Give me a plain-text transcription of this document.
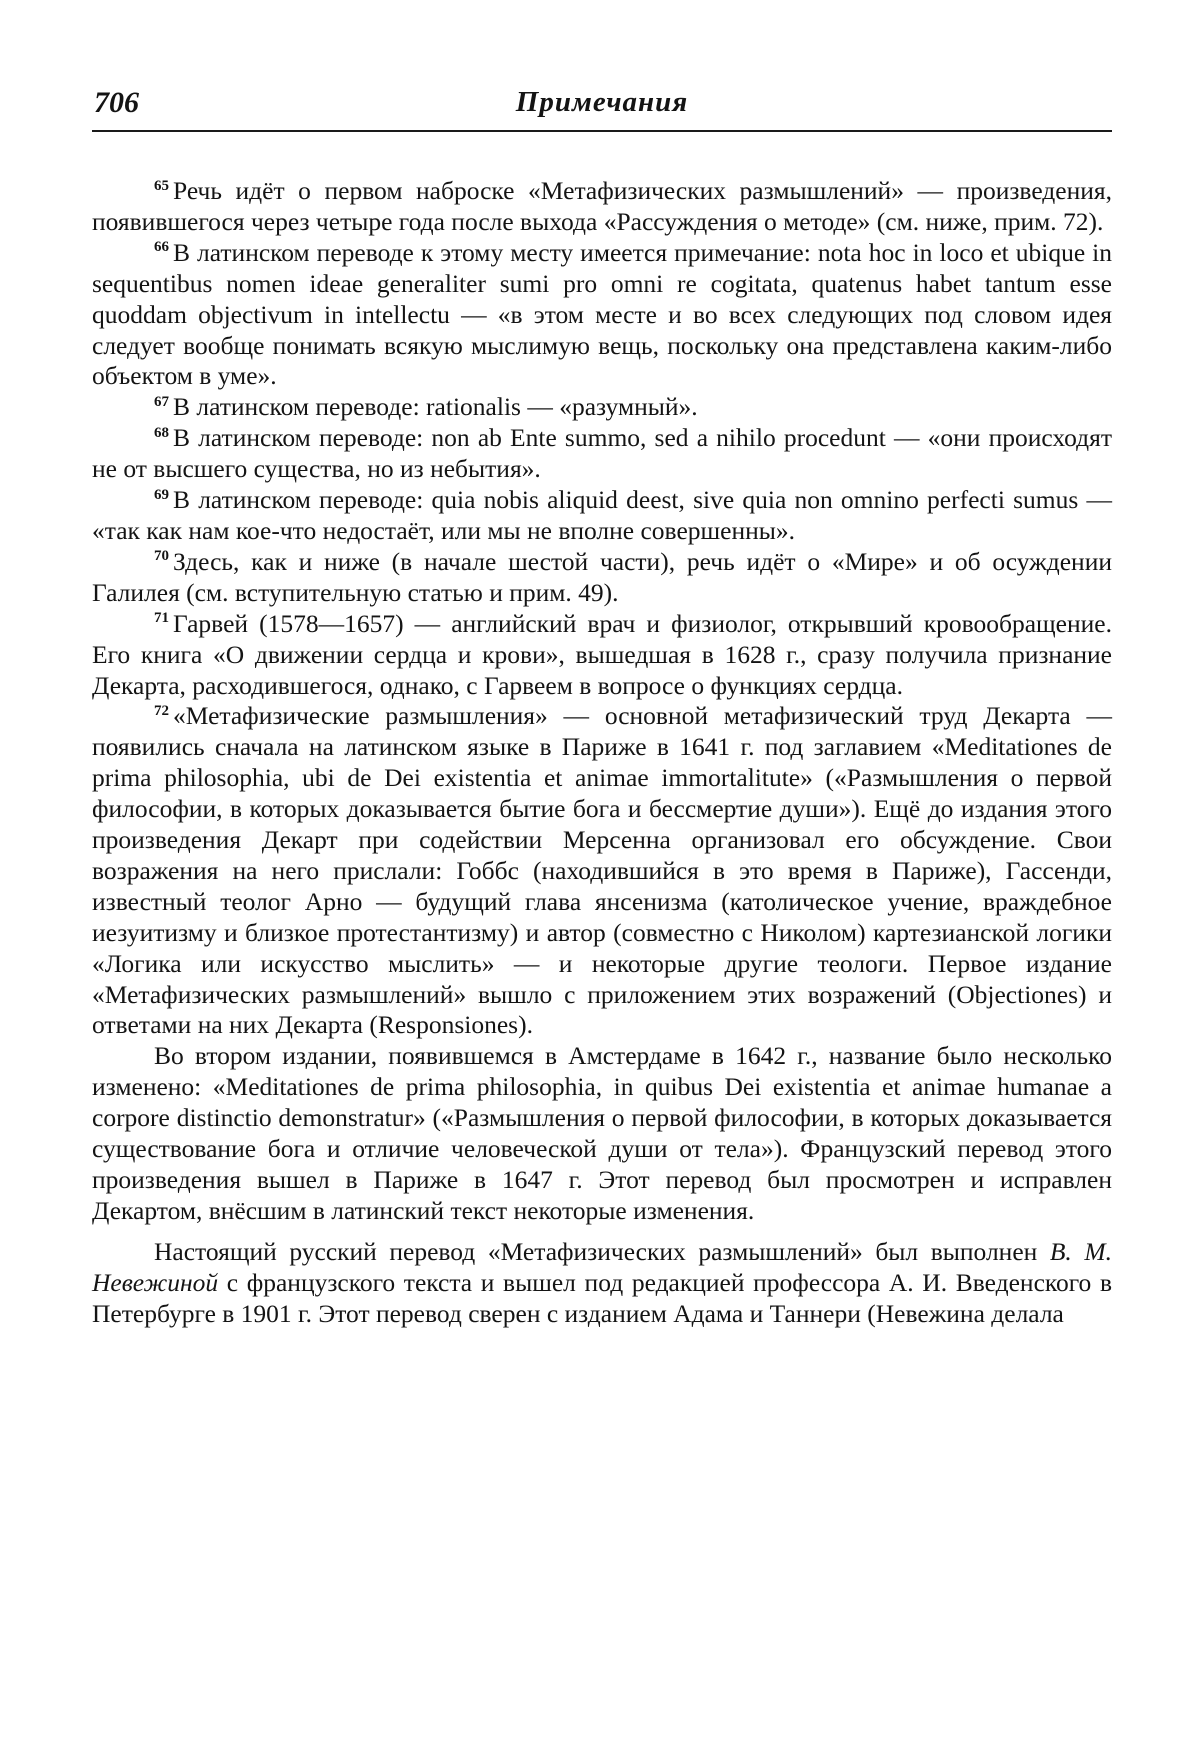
706	Примечания

$^{65}$ Речь идёт о первом наброске «Метафизических размышлений» — произведения, появившегося через четыре года после выхода «Рассуждения о методе» (см. ниже, прим. 72).

$^{66}$ В латинском переводе к этому месту имеется примечание: nota hoc in loco et ubique in sequentibus nomen ideae generaliter sumi pro omni re cogitata, quatenus habet tantum esse quoddam objectivum in intellectu — «в этом месте и во всех следующих под словом идея следует вообще понимать всякую мыслимую вещь, поскольку она представлена каким-либо объектом в уме».

$^{67}$ В латинском переводе: rationalis — «разумный».

$^{68}$ В латинском переводе: non ab Ente summo, sed a nihilo procedunt — «они происходят не от высшего существа, но из небытия».

$^{69}$ В латинском переводе: quia nobis aliquid deest, sive quia non omnino perfecti sumus — «так как нам кое-что недостаёт, или мы не вполне совершенны».

$^{70}$ Здесь, как и ниже (в начале шестой части), речь идёт о «Мире» и об осуждении Галилея (см. вступительную статью и прим. 49).

$^{71}$ Гарвей (1578—1657) — английский врач и физиолог, открывший кровообращение. Его книга «О движении сердца и крови», вышедшая в 1628 г., сразу получила признание Декарта, расходившегося, однако, с Гарвеем в вопросе о функциях сердца.

$^{72}$ «Метафизические размышления» — основной метафизический труд Декарта — появились сначала на латинском языке в Париже в 1641 г. под заглавием «Meditationes de prima philosophia, ubi de Dei existentia et animae immortalitute» («Размышления о первой философии, в которых доказывается бытие бога и бессмертие души»). Ещё до издания этого произведения Декарт при содействии Мерсенна организовал его обсуждение. Свои возражения на него прислали: Гоббс (находившийся в это время в Париже), Гассенди, известный теолог Арно — будущий глава янсенизма (католическое учение, враждебное иезуитизму и близкое протестантизму) и автор (совместно с Николом) картезианской логики «Логика или искусство мыслить» — и некоторые другие теологи. Первое издание «Метафизических размышлений» вышло с приложением этих возражений (Objectiones) и ответами на них Декарта (Responsiones).

Во втором издании, появившемся в Амстердаме в 1642 г., название было несколько изменено: «Meditationes de prima philosophia, in quibus Dei existentia et animae humanae a corpore distinctio demonstratur» («Размышления о первой философии, в которых доказывается существование бога и отличие человеческой души от тела»). Французский перевод этого произведения вышел в Париже в 1647 г. Этот перевод был просмотрен и исправлен Декартом, внёсшим в латинский текст некоторые изменения.

Настоящий русский перевод «Метафизических размышлений» был выполнен В. М. Невежиной с французского текста и вышел под редакцией профессора А. И. Введенского в Петербурге в 1901 г. Этот перевод сверен с изданием Адама и Таннери (Невежина делала
